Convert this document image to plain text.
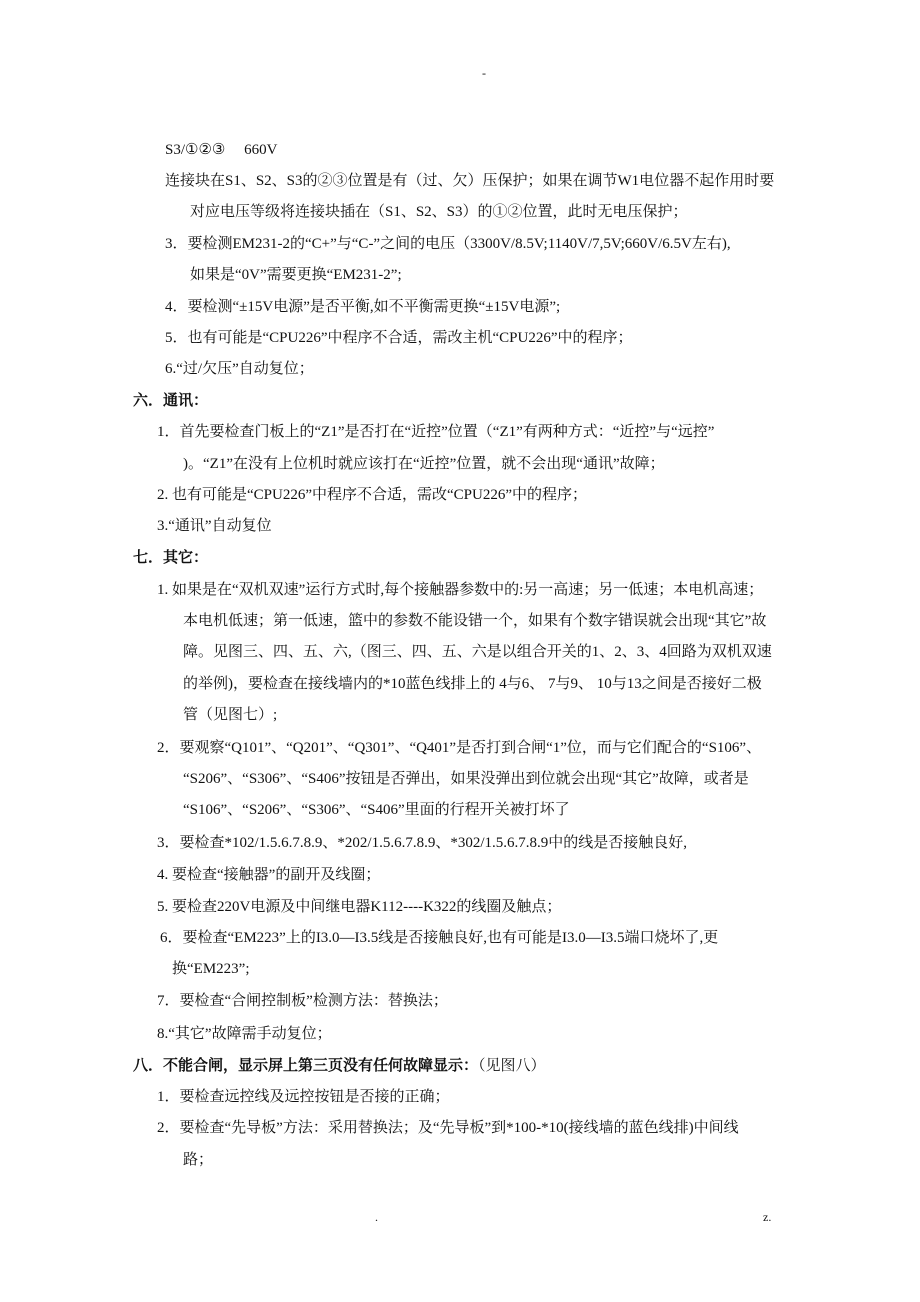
-
S3/①②③　 660V
连接块在S1、S2、S3的②③位置是有（过、欠）压保护；如果在调节W1电位器不起作用时要
对应电压等级将连接块插在（S1、S2、S3）的①②位置，此时无电压保护；
3．要检测EM231-2的“C+”与“C-”之间的电压（3300V/8.5V;1140V/7,5V;660V/6.5V左右),
如果是“0V”需要更换“EM231-2”;
4．要检测“±15V电源”是否平衡,如不平衡需更换“±15V电源”;
5．也有可能是“CPU226”中程序不合适，需改主机“CPU226”中的程序；
6.“过/欠压”自动复位；
六．通讯：
1．首先要检查门板上的“Z1”是否打在“近控”位置（“Z1”有两种方式：“近控”与“远控”
)。“Z1”在没有上位机时就应该打在“近控”位置，就不会出现“通讯”故障；
2. 也有可能是“CPU226”中程序不合适，需改“CPU226”中的程序；
3.“通讯”自动复位
七．其它：
1. 如果是在“双机双速”运行方式时,每个接触器参数中的:另一高速；另一低速；本电机高速；
本电机低速；第一低速，篮中的参数不能设错一个，如果有个数字错误就会出现“其它”故
障。见图三、四、五、六,（图三、四、五、六是以组合开关的1、2、3、4回路为双机双速
的举例)，要检查在接线墙内的*10蓝色线排上的 4与6、 7与9、 10与13之间是否接好二极
管（见图七）;
2．要观察“Q101”、“Q201”、“Q301”、“Q401”是否打到合闸“1”位，而与它们配合的“S106”、
“S206”、“S306”、“S406”按钮是否弹出，如果没弹出到位就会出现“其它”故障，或者是
“S106”、“S206”、“S306”、“S406”里面的行程开关被打坏了
3．要检查*102/1.5.6.7.8.9、*202/1.5.6.7.8.9、*302/1.5.6.7.8.9中的线是否接触良好,
4. 要检查“接触器”的副开及线圈；
5. 要检查220V电源及中间继电器K112----K322的线圈及触点；
6．要检查“EM223”上的I3.0—I3.5线是否接触良好,也有可能是I3.0—I3.5端口烧坏了,更
换“EM223”;
7．要检查“合闸控制板”检测方法：替换法；
8.“其它”故障需手动复位；
八．不能合闸，显示屏上第三页没有任何故障显示：（见图八）
1．要检查远控线及远控按钮是否接的正确；
2．要检查“先导板”方法：采用替换法；及“先导板”到*100-*10(接线墙的蓝色线排)中间线
路；
.	z.
